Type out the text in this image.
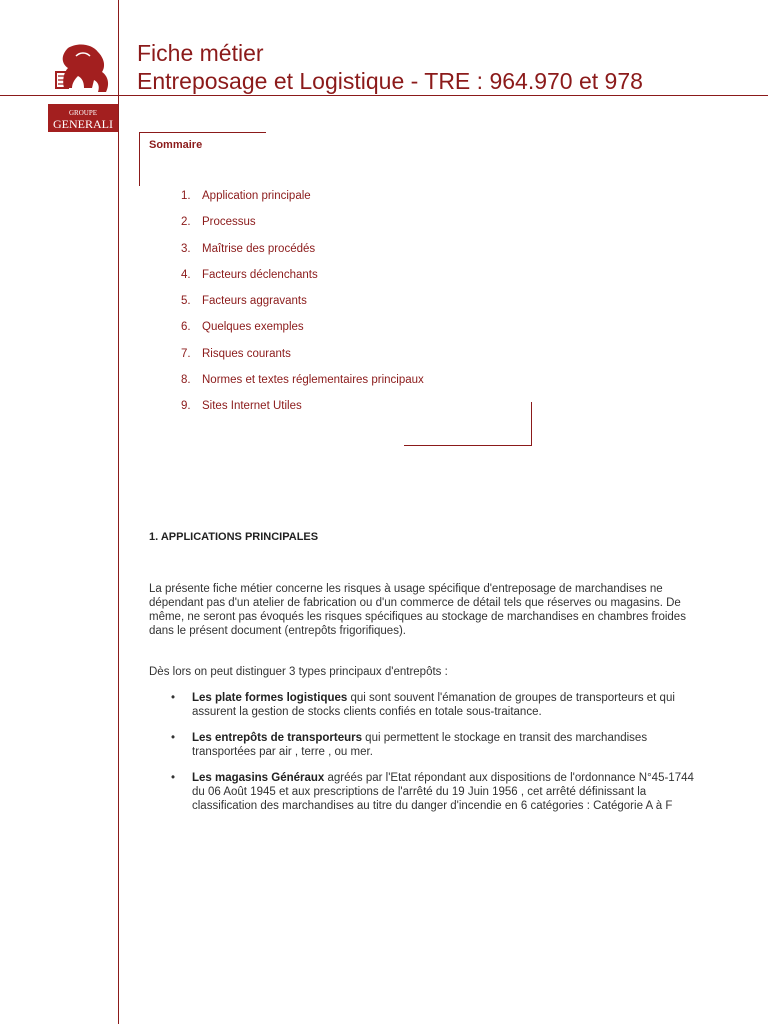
GROUPE
GENERALI
Fiche métier
Entreposage et Logistique - TRE : 964.970 et 978
Sommaire
1. Application principale
2. Processus
3. Maîtrise des procédés
4. Facteurs déclenchants
5. Facteurs aggravants
6. Quelques exemples
7. Risques courants
8. Normes et textes réglementaires principaux
9. Sites Internet Utiles
1. APPLICATIONS PRINCIPALES

La présente fiche métier concerne les risques à usage spécifique d'entreposage de marchandises ne dépendant pas d'un atelier de fabrication ou d'un commerce de détail tels que réserves ou magasins. De même, ne seront pas évoqués les risques spécifiques au stockage de marchandises en chambres froides dans le présent document (entrepôts frigorifiques).

Dès lors on peut distinguer 3 types principaux d'entrepôts :

• Les plate formes logistiques qui sont souvent l'émanation de groupes de transporteurs et qui assurent la gestion de stocks clients confiés en totale sous-traitance.
• Les entrepôts de transporteurs qui permettent le stockage en transit des marchandises transportées par air , terre , ou mer.
• Les magasins Généraux agréés par l'Etat répondant aux dispositions de l'ordonnance N°45-1744 du 06 Août 1945 et aux prescriptions de l'arrêté du 19 Juin 1956 , cet arrêté définissant la classification des marchandises au titre du danger d'incendie en 6 catégories : Catégorie A à F
